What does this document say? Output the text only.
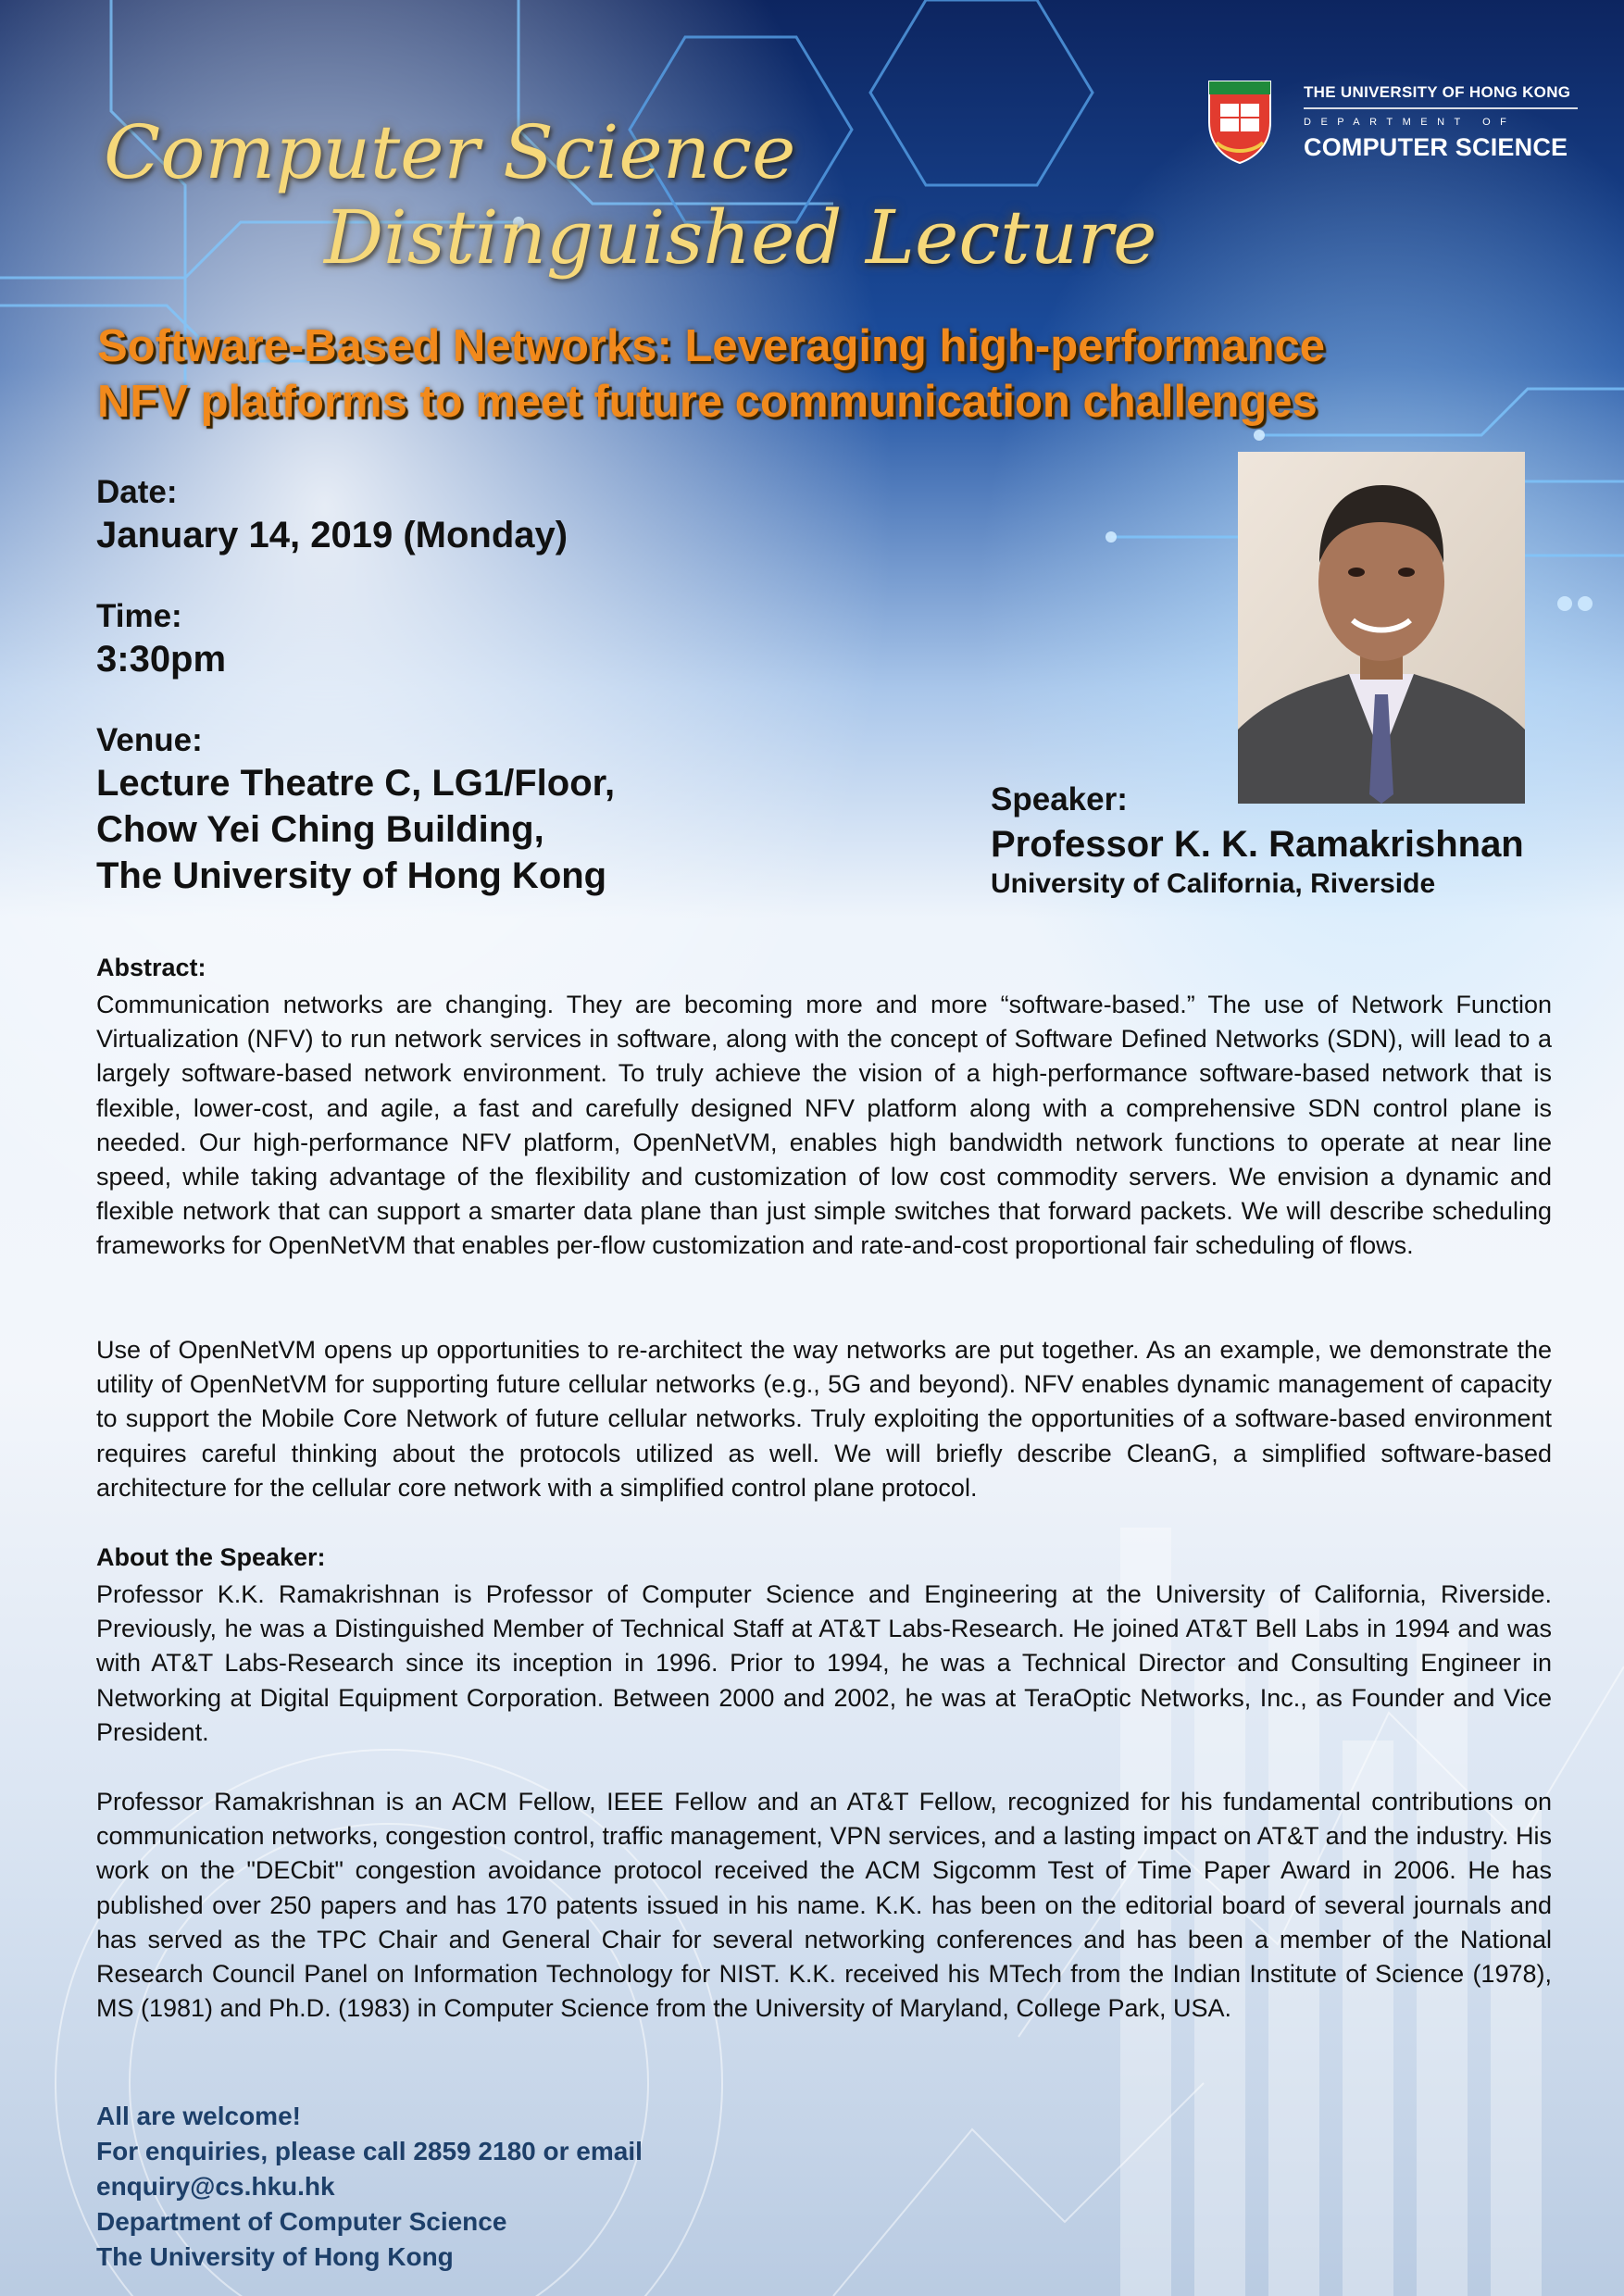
THE UNIVERSITY OF HONG KONG
DEPARTMENT OF
COMPUTER SCIENCE
Computer Science
Distinguished Lecture
Software-Based Networks: Leveraging high-performance
NFV platforms to meet future communication challenges
Date:
January 14, 2019 (Monday)
Time:
3:30pm
Venue:
Lecture Theatre C, LG1/Floor,
Chow Yei Ching Building,
The University of Hong Kong
Speaker:
Professor K. K. Ramakrishnan
University of California, Riverside
Abstract:
Communication networks are changing. They are becoming more and more “software-based.” The use of Network Function Virtualization (NFV) to run network services in software, along with the concept of Software Defined Networks (SDN), will lead to a largely software-based network environment. To truly achieve the vision of a high-performance software-based network that is flexible, lower-cost, and agile, a fast and carefully designed NFV platform along with a comprehensive SDN control plane is needed. Our high-performance NFV platform, OpenNetVM, enables high bandwidth network functions to operate at near line speed, while taking advantage of the flexibility and customization of low cost commodity servers. We envision a dynamic and flexible network that can support a smarter data plane than just simple switches that forward packets. We will describe scheduling frameworks for OpenNetVM that enables per-flow customization and rate-and-cost proportional fair scheduling of flows.
Use of OpenNetVM opens up opportunities to re-architect the way networks are put together. As an example, we demonstrate the utility of OpenNetVM for supporting future cellular networks (e.g., 5G and beyond). NFV enables dynamic management of capacity to support the Mobile Core Network of future cellular networks. Truly exploiting the opportunities of a software-based environment requires careful thinking about the protocols utilized as well. We will briefly describe CleanG, a simplified software-based architecture for the cellular core network with a simplified control plane protocol.
About the Speaker:
Professor K.K. Ramakrishnan is Professor of Computer Science and Engineering at the University of California, Riverside. Previously, he was a Distinguished Member of Technical Staff at AT&T Labs-Research. He joined AT&T Bell Labs in 1994 and was with AT&T Labs-Research since its inception in 1996. Prior to 1994, he was a Technical Director and Consulting Engineer in Networking at Digital Equipment Corporation. Between 2000 and 2002, he was at TeraOptic Networks, Inc., as Founder and Vice President.
Professor Ramakrishnan is an ACM Fellow, IEEE Fellow and an AT&T Fellow, recognized for his fundamental contributions on communication networks, congestion control, traffic management, VPN services, and a lasting impact on AT&T and the industry. His work on the "DECbit" congestion avoidance protocol received the ACM Sigcomm Test of Time Paper Award in 2006. He has published over 250 papers and has 170 patents issued in his name. K.K. has been on the editorial board of several journals and has served as the TPC Chair and General Chair for several networking conferences and has been a member of the National Research Council Panel on Information Technology for NIST. K.K. received his MTech from the Indian Institute of Science (1978), MS (1981) and Ph.D. (1983) in Computer Science from the University of Maryland, College Park, USA.
All are welcome!
For enquiries, please call 2859 2180 or email
enquiry@cs.hku.hk
Department of Computer Science
The University of Hong Kong
